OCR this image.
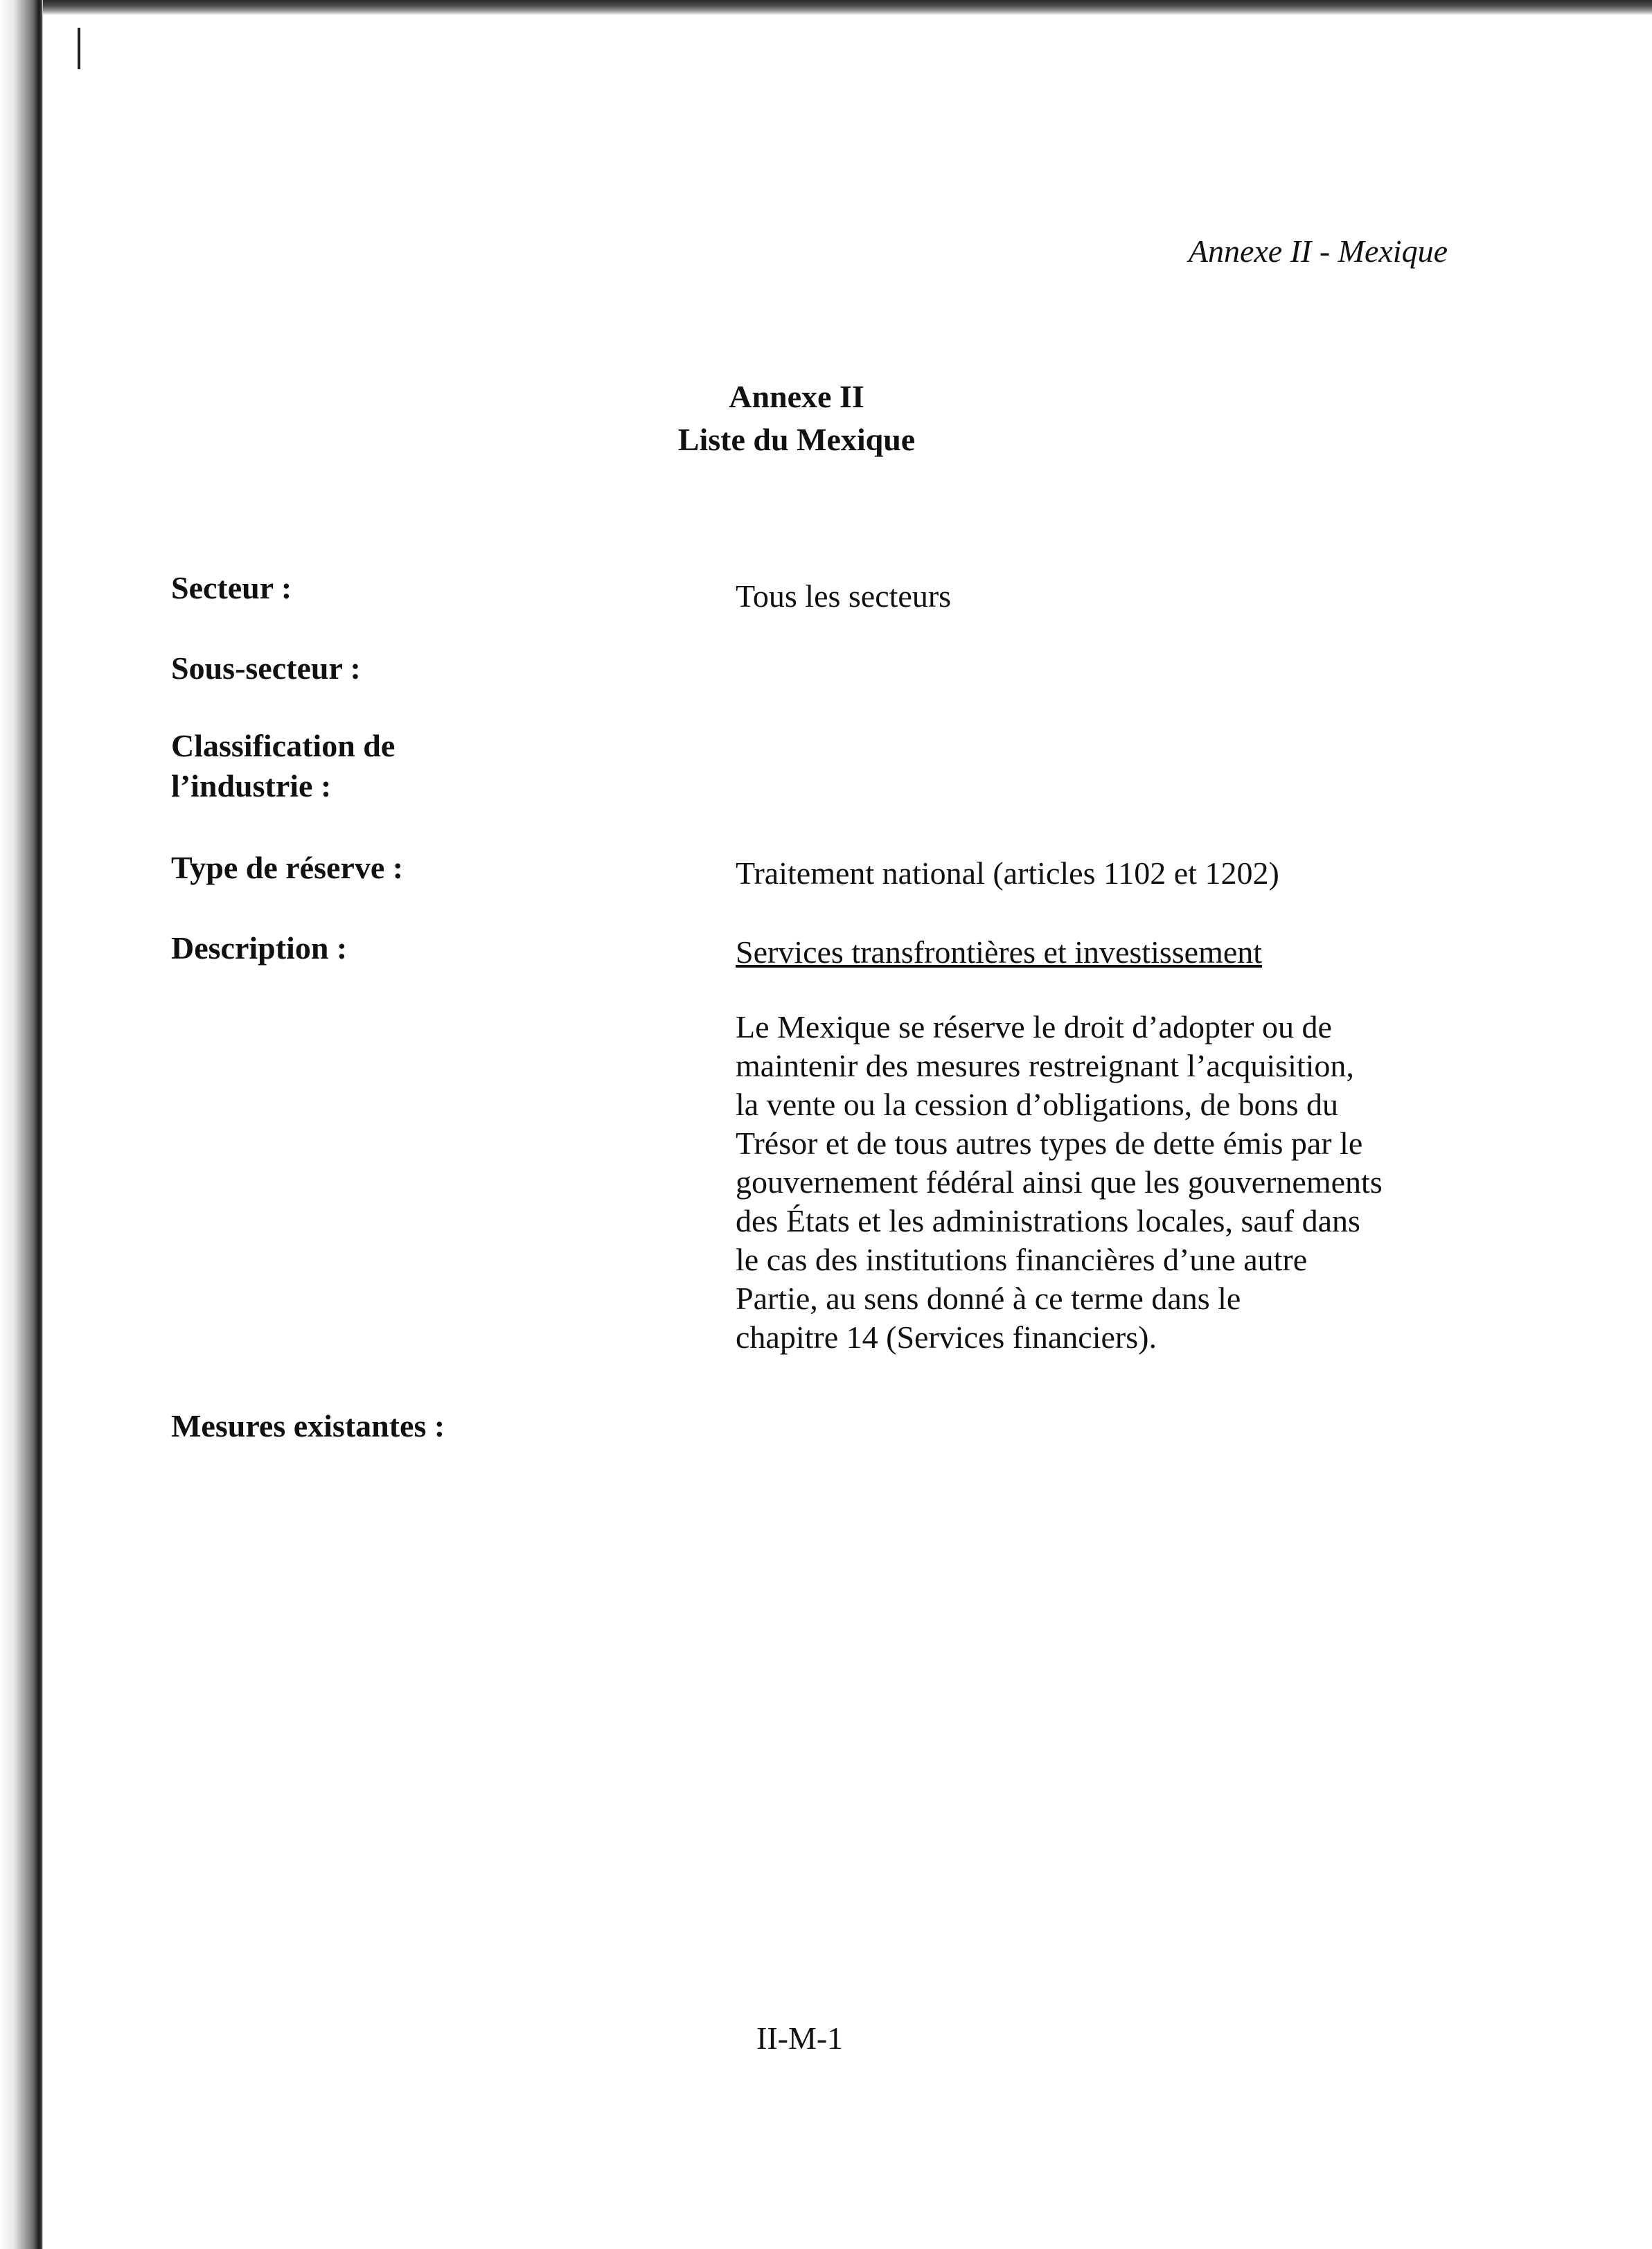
Annexe II - Mexique
Annexe II
Liste du Mexique
Secteur :	Tous les secteurs
Sous-secteur :
Classification de
l’industrie :
Type de réserve :	Traitement national (articles 1102 et 1202)
Description :	Services transfrontières et investissement
Le Mexique se réserve le droit d’adopter ou de
maintenir des mesures restreignant l’acquisition,
la vente ou la cession d’obligations, de bons du
Trésor et de tous autres types de dette émis par le
gouvernement fédéral ainsi que les gouvernements
des États et les administrations locales, sauf dans
le cas des institutions financières d’une autre
Partie, au sens donné à ce terme dans le
chapitre 14 (Services financiers).
Mesures existantes :
II-M-1
